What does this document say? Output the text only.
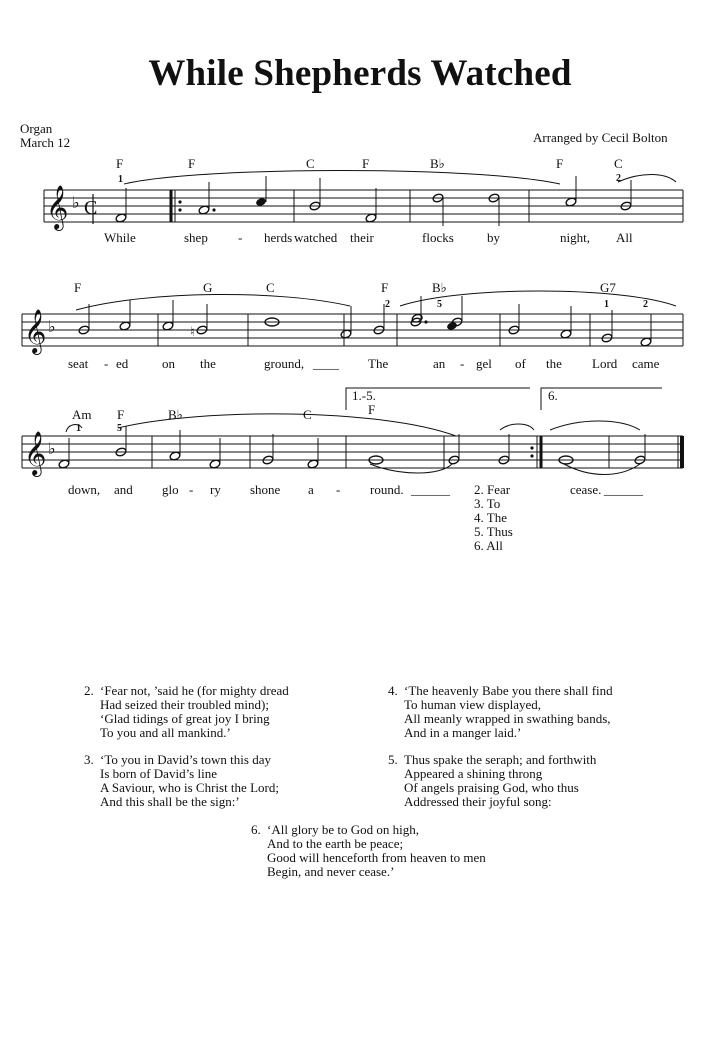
While Shepherds Watched
Organ
March 12	Arranged by Cecil Bolton
F	F	C	F	B♭	F	C
1	2
𝄞 ♭ C
While	shep - herds watched their	flocks	by	night, All
F	G	C	F	B♭	G7
2	5	1	2
𝄞 ♭	♮
seat - ed	on the	ground, ____ The	an - gel of the Lord came
Am F	B♭	C	F
1	5
1.-5.	6.
𝄞 ♭
down, and glo - ry shone a - round. ______	cease. ______
2. Fear
3. To
4. The
5. Thus
6. All
2. ‘Fear not, ’said he (for mighty dread
Had seized their troubled mind);
‘Glad tidings of great joy I bring
To you and all mankind.’
3. ‘To you in David’s town this day
Is born of David’s line
A Saviour, who is Christ the Lord;
And this shall be the sign:’
4. ‘The heavenly Babe you there shall find
To human view displayed,
All meanly wrapped in swathing bands,
And in a manger laid.’
5. Thus spake the seraph; and forthwith
Appeared a shining throng
Of angels praising God, who thus
Addressed their joyful song:
6. ‘All glory be to God on high,
And to the earth be peace;
Good will henceforth from heaven to men
Begin, and never cease.’
